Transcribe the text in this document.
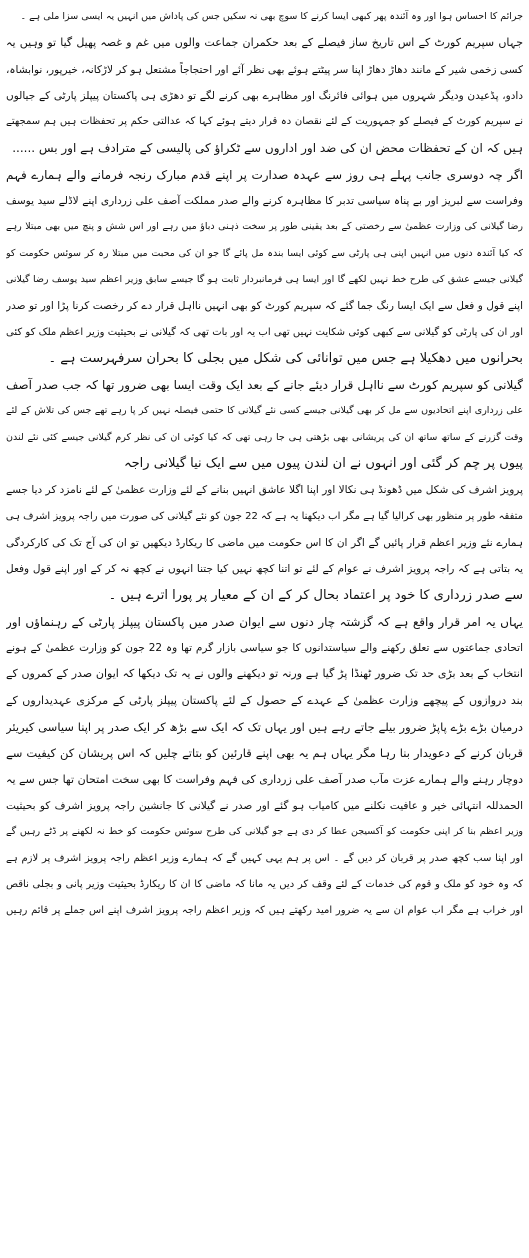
جرائم کا احساس ہوا اور وہ آئندہ پھر کبھی ایسا کرنے کا سوچ بھی نہ سکیں جس کی پاداش میں انہیں یہ ایسی سزا ملی ہے ۔
جہاں سپریم کورٹ کے اس تاریخ ساز فیصلے کے بعد حکمران جماعت والوں میں غم و غصہ پھیل گیا تو وہیں یہ
کسی زخمی شیر کے مانند دھاڑ دھاڑ اپنا سر پیٹتے ہوئے بھی نظر آئے اور احتجاجاً مشتعل ہو کر لاڑکانہ، خیرپور، نوابشاہ،
دادو، پڈعیدن ودیگر شہروں میں ہوائی فائرنگ اور مظاہرے بھی کرنے لگے تو دھڑی ہی پاکستان پیپلز پارٹی کے جیالوں
نے سپریم کورٹ کے فیصلے کو جمہوریت کے لئے نقصان دہ قرار دیتے ہوئے کہا کہ عدالتی حکم پر تحفظات ہیں ہم سمجھتے
ہیں کہ ان کے تحفظات محض ان کی ضد اور اداروں سے ٹکراؤ کی پالیسی کے مترادف ہے اور بس ......
اگر چہ دوسری جانب پہلے ہی روز سے عہدہ صدارت پر اپنے قدم مبارک رنجہ فرمانے والے ہمارے فہم
وفراست سے لبریز اور بے پناہ سیاسی تدبر کا مظاہرہ کرنے والے صدر مملکت آصف علی زرداری اپنے لاڈلے سید یوسف
رضا گیلانی کی وزارت عظمیٰ سے رخصتی کے بعد یقینی طور پر سخت ذہنی دباؤ میں رہے اور اس شش و پنچ میں بھی مبتلا رہے
کہ کیا آئندہ دنوں میں انہیں اپنی ہی پارٹی سے کوئی ایسا بندہ مل پائے گا جو ان کی محبت میں مبتلا رہ کر سوئس حکومت کو
گیلانی جیسے عشق کی طرح خط نہیں لکھے گا اور ایسا ہی فرمانبردار ثابت ہو گا جیسے سابق وزیر اعظم سید یوسف رضا گیلانی
اپنے قول و فعل سے ایک ایسا رنگ جما گئے کہ سپریم کورٹ کو بھی انہیں نااہل قرار دے کر رخصت کرنا پڑا اور تو صدر
اور ان کی پارٹی کو گیلانی سے کبھی کوئی شکایت نہیں تھی اب یہ اور بات تھی کہ گیلانی نے بحیثیت وزیر اعظم ملک کو کئی
بحرانوں میں دھکیلا ہے جس میں توانائی کی شکل میں بجلی کا بحران سرفہرست ہے ۔
گیلانی کو سپریم کورٹ سے نااہل قرار دیئے جانے کے بعد ایک وقت ایسا بھی ضرور تھا کہ جب صدر آصف
علی زرداری اپنے اتحادیوں سے مل کر بھی گیلانی جیسے کسی نئے گیلانی کا حتمی فیصلہ نہیں کر پا رہے تھے جس کی تلاش کے لئے
وقت گزرنے کے ساتھ ساتھ ان کی پریشانی بھی بڑھتی ہی جا رہی تھی کہ کیا کوئی ان کی نظر کرم گیلانی جیسے کئی نئے لندن
پیوں پر چم کر گئی اور انہوں نے ان لندن پیوں میں سے ایک نیا گیلانی راجہ
پرویز اشرف کی شکل میں ڈھونڈ ہی نکالا اور اپنا اگلا عاشق انہیں بنانے کے لئے وزارت عظمیٰ کے لئے نامزد کر دیا جسے
متفقہ طور پر منظور بھی کرالیا گیا ہے مگر اب دیکھنا یہ ہے کہ 22 جون کو نئے گیلانی کی صورت میں راجہ پرویز اشرف ہی
ہمارے نئے وزیر اعظم قرار پائیں گے اگر ان کا اس حکومت میں ماضی کا ریکارڈ دیکھیں تو ان کی آج تک کی کارکردگی
یہ بتاتی ہے کہ راجہ پرویز اشرف نے عوام کے لئے تو اتنا کچھ نہیں کیا جتنا انہوں نے کچھ نہ کر کے اور اپنے قول وفعل
سے صدر زرداری کا خود پر اعتماد بحال کر کے ان کے معیار پر پورا اترے ہیں ۔
یہاں یہ امر قرار واقع ہے کہ گزشتہ چار دنوں سے ایوان صدر میں پاکستان پیپلز پارٹی کے رہنماؤں اور
اتحادی جماعتوں سے تعلق رکھنے والے سیاستدانوں کا جو سیاسی بازار گرم تھا وہ 22 جون کو وزارت عظمیٰ کے ہونے
انتخاب کے بعد بڑی حد تک ضرور ٹھنڈا پڑ گیا ہے ورنہ تو دیکھنے والوں نے یہ تک دیکھا کہ ایوان صدر کے کمروں کے
بند دروازوں کے پیچھے وزارت عظمیٰ کے عہدے کے حصول کے لئے پاکستان پیپلز پارٹی کے مرکزی عہدیداروں کے
درمیان بڑے بڑے پاپڑ ضرور بیلے جاتے رہے ہیں اور یہاں تک کہ ایک سے بڑھ کر ایک صدر پر اپنا سیاسی کیریئر
قربان کرنے کے دعویدار بنا رہا مگر یہاں ہم یہ بھی اپنے قارئین کو بتاتے چلیں کہ اس پریشان کن کیفیت سے
دوچار رہنے والے ہمارے عزت مآب صدر آصف علی زرداری کی فہم وفراست کا بھی سخت امتحان تھا جس سے یہ
الحمدللہ انتہائی خیر و عافیت نکلنے میں کامیاب ہو گئے اور صدر نے گیلانی کا جانشین راجہ پرویز اشرف کو بحیثیت
وزیر اعظم بنا کر اپنی حکومت کو آکسیجن عطا کر دی ہے جو گیلانی کی طرح سوئس حکومت کو خط نہ لکھنے پر ڈٹے رہیں گے
اور اپنا سب کچھ صدر پر قربان کر دیں گے ۔ اس پر ہم یہی کہیں گے کہ ہمارے وزیر اعظم راجہ پرویز اشرف پر لازم ہے
کہ وہ خود کو ملک و قوم کی خدمات کے لئے وقف کر دیں یہ مانا کہ ماضی کا ان کا ریکارڈ بحیثیت وزیر پانی و بجلی ناقص
اور خراب ہے مگر اب عوام ان سے یہ ضرور امید رکھتے ہیں کہ وزیر اعظم راجہ پرویز اشرف اپنے اس جملے پر قائم رہیں
